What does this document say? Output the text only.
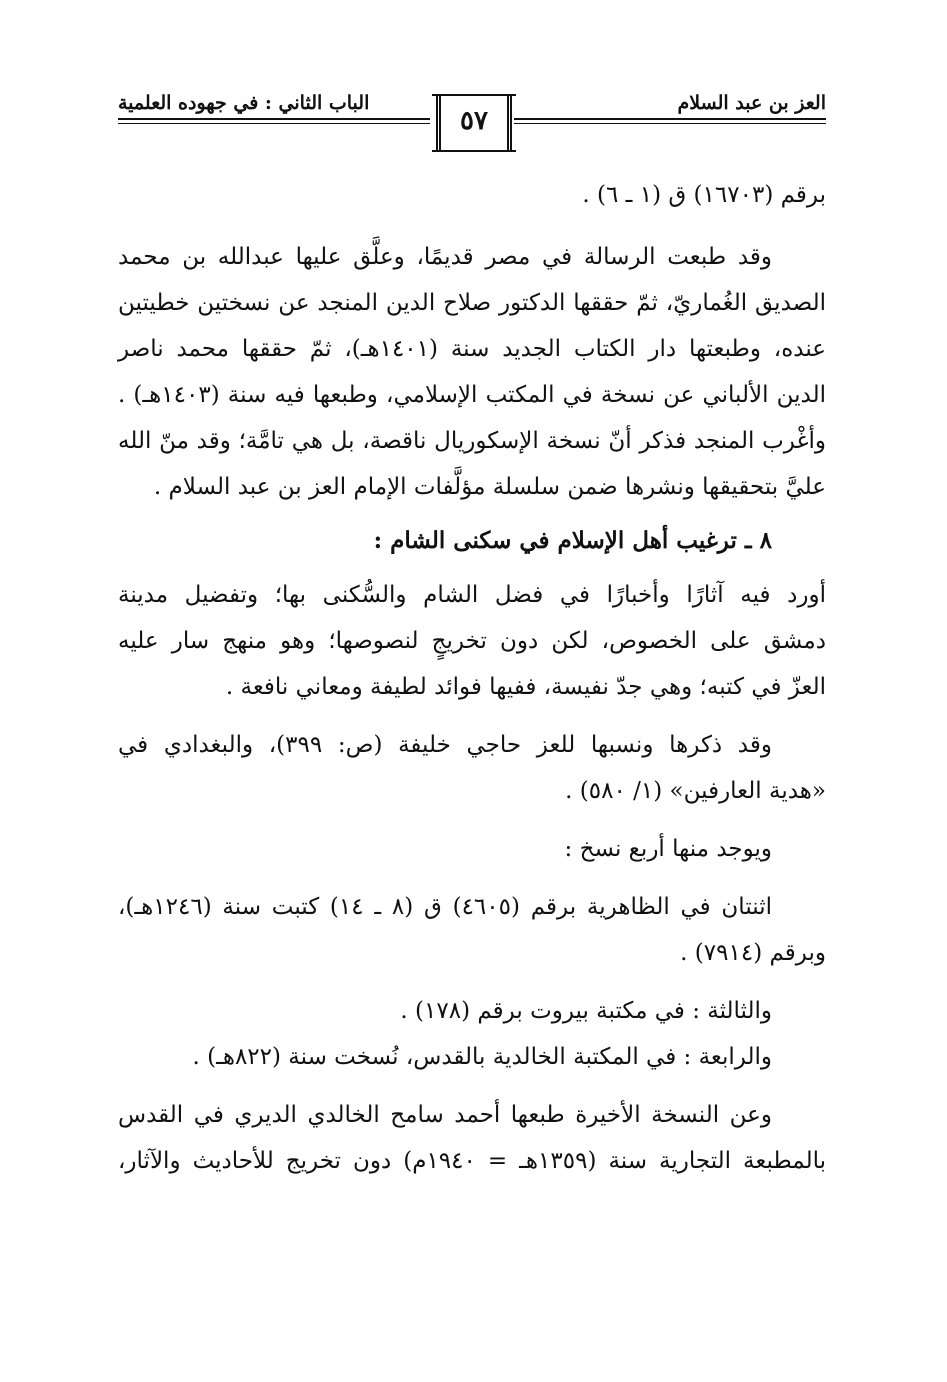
العز بن عبد السلام
الباب الثاني : في جهوده العلمية
٥٧
برقم (١٦٧٠٣) ق (١ ـ ٦) .
وقد طبعت الرسالة في مصر قديمًا، وعلَّق عليها عبدالله بن محمد
الصديق الغُماريّ، ثمّ حققها الدكتور صلاح الدين المنجد عن نسختين خطيتين
عنده، وطبعتها دار الكتاب الجديد سنة (١٤٠١هـ)، ثمّ حققها محمد ناصر
الدين الألباني عن نسخة في المكتب الإسلامي، وطبعها فيه سنة (١٤٠٣هـ) .
وأغْرب المنجد فذكر أنّ نسخة الإسكوريال ناقصة، بل هي تامَّة؛ وقد منّ الله
عليَّ بتحقيقها ونشرها ضمن سلسلة مؤلَّفات الإمام العز بن عبد السلام .
٨ ـ ترغيب أهل الإسلام في سكنى الشام :
أورد فيه آثارًا وأخبارًا في فضل الشام والسُّكنى بها؛ وتفضيل مدينة
دمشق على الخصوص، لكن دون تخريجٍ لنصوصها؛ وهو منهج سار عليه
العزّ في كتبه؛ وهي جدّ نفيسة، ففيها فوائد لطيفة ومعاني نافعة .
وقد ذكرها ونسبها للعز حاجي خليفة (ص: ٣٩٩)، والبغدادي في
«هدية العارفين» (١/ ٥٨٠) .
ويوجد منها أربع نسخ :
اثنتان في الظاهرية برقم (٤٦٠٥) ق (٨ ـ ١٤) كتبت سنة (١٢٤٦هـ)،
وبرقم (٧٩١٤) .
والثالثة : في مكتبة بيروت برقم (١٧٨) .
والرابعة : في المكتبة الخالدية بالقدس، نُسخت سنة (٨٢٢هـ) .
وعن النسخة الأخيرة طبعها أحمد سامح الخالدي الديري في القدس
بالمطبعة التجارية سنة (١٣٥٩هـ = ١٩٤٠م) دون تخريج للأحاديث والآثار،
